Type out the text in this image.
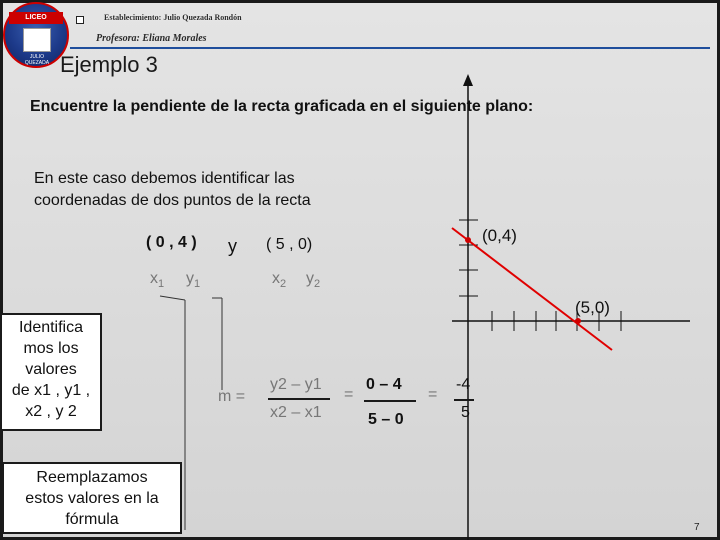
LICEO
JULIO QUEZADA
Establecimiento: Julio Quezada Rondón
Profesora: Eliana Morales
Ejemplo 3
Encuentre la pendiente de la recta graficada en el siguiente plano:
En este caso debemos identificar las
coordenadas de dos puntos de la recta
(0,4)
(5,0)
( 0 , 4 ) y ( 5 , 0)
$x_1$ $y_1$	$x_2$ $y_2$
Identifica
mos los
valores
de x1 , y1 ,
x2 , y 2
Reemplazamos
estos valores en la
fórmula
m =
y2 – y1
x2 – x1
=
0 – 4
5 – 0
=
-4
5
7
